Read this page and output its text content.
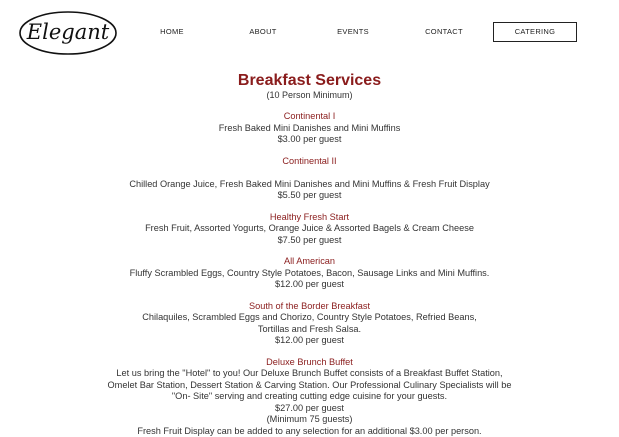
Elegant	HOME	ABOUT	EVENTS	CONTACT	CATERING
Breakfast Services
(10 Person Minimum)
Continental I
Fresh Baked Mini Danishes and Mini Muffins
$3.00 per guest
Continental II
Chilled Orange Juice, Fresh Baked Mini Danishes and Mini Muffins & Fresh Fruit Display
$5.50 per guest
Healthy Fresh Start
Fresh Fruit, Assorted Yogurts, Orange Juice & Assorted Bagels & Cream Cheese
$7.50 per guest
All American
Fluffy Scrambled Eggs, Country Style Potatoes, Bacon, Sausage Links and Mini Muffins.
$12.00 per guest
South of the Border Breakfast
Chilaquiles, Scrambled Eggs and Chorizo, Country Style Potatoes, Refried Beans,
Tortillas and Fresh Salsa.
$12.00 per guest
Deluxe Brunch Buffet
Let us bring the "Hotel" to you! Our Deluxe Brunch Buffet consists of a Breakfast Buffet Station,
Omelet Bar Station, Dessert Station & Carving Station. Our Professional Culinary Specialists will be
"On- Site" serving and creating cutting edge cuisine for your guests.
$27.00 per guest
(Minimum 75 guests)
Fresh Fruit Display can be added to any selection for an additional $3.00 per person.
